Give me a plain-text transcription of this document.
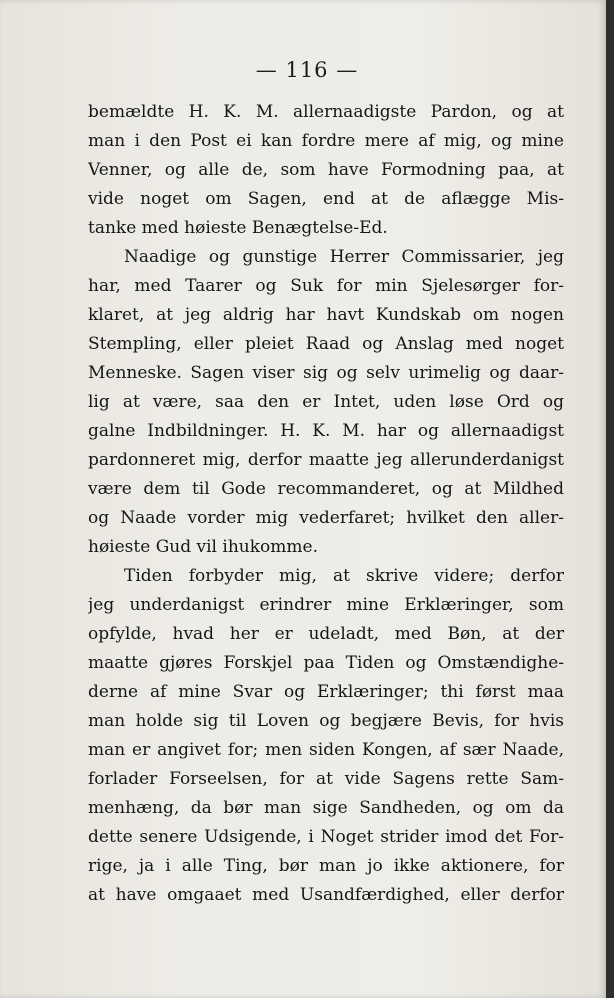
— 116 —
bemældte H. K. M. allernaadigste Pardon, og at
man i den Post ei kan fordre mere af mig, og mine
Venner, og alle de, som have Formodning paa, at
vide noget om Sagen, end at de aflægge Mis-
tanke med høieste Benægtelse-Ed.
Naadige og gunstige Herrer Commissarier, jeg
har, med Taarer og Suk for min Sjelesørger for-
klaret, at jeg aldrig har havt Kundskab om nogen
Stempling, eller pleiet Raad og Anslag med noget
Menneske. Sagen viser sig og selv urimelig og daar-
lig at være, saa den er Intet, uden løse Ord og
galne Indbildninger. H. K. M. har og allernaadigst
pardonneret mig, derfor maatte jeg allerunderdanigst
være dem til Gode recommanderet, og at Mildhed
og Naade vorder mig vederfaret; hvilket den aller-
høieste Gud vil ihukomme.
Tiden forbyder mig, at skrive videre; derfor
jeg underdanigst erindrer mine Erklæringer, som
opfylde, hvad her er udeladt, med Bøn, at der
maatte gjøres Forskjel paa Tiden og Omstændighe-
derne af mine Svar og Erklæringer; thi først maa
man holde sig til Loven og begjære Bevis, for hvis
man er angivet for; men siden Kongen, af sær Naade,
forlader Forseelsen, for at vide Sagens rette Sam-
menhæng, da bør man sige Sandheden, og om da
dette senere Udsigende, i Noget strider imod det For-
rige, ja i alle Ting, bør man jo ikke aktionere, for
at have omgaaet med Usandfærdighed, eller derfor
